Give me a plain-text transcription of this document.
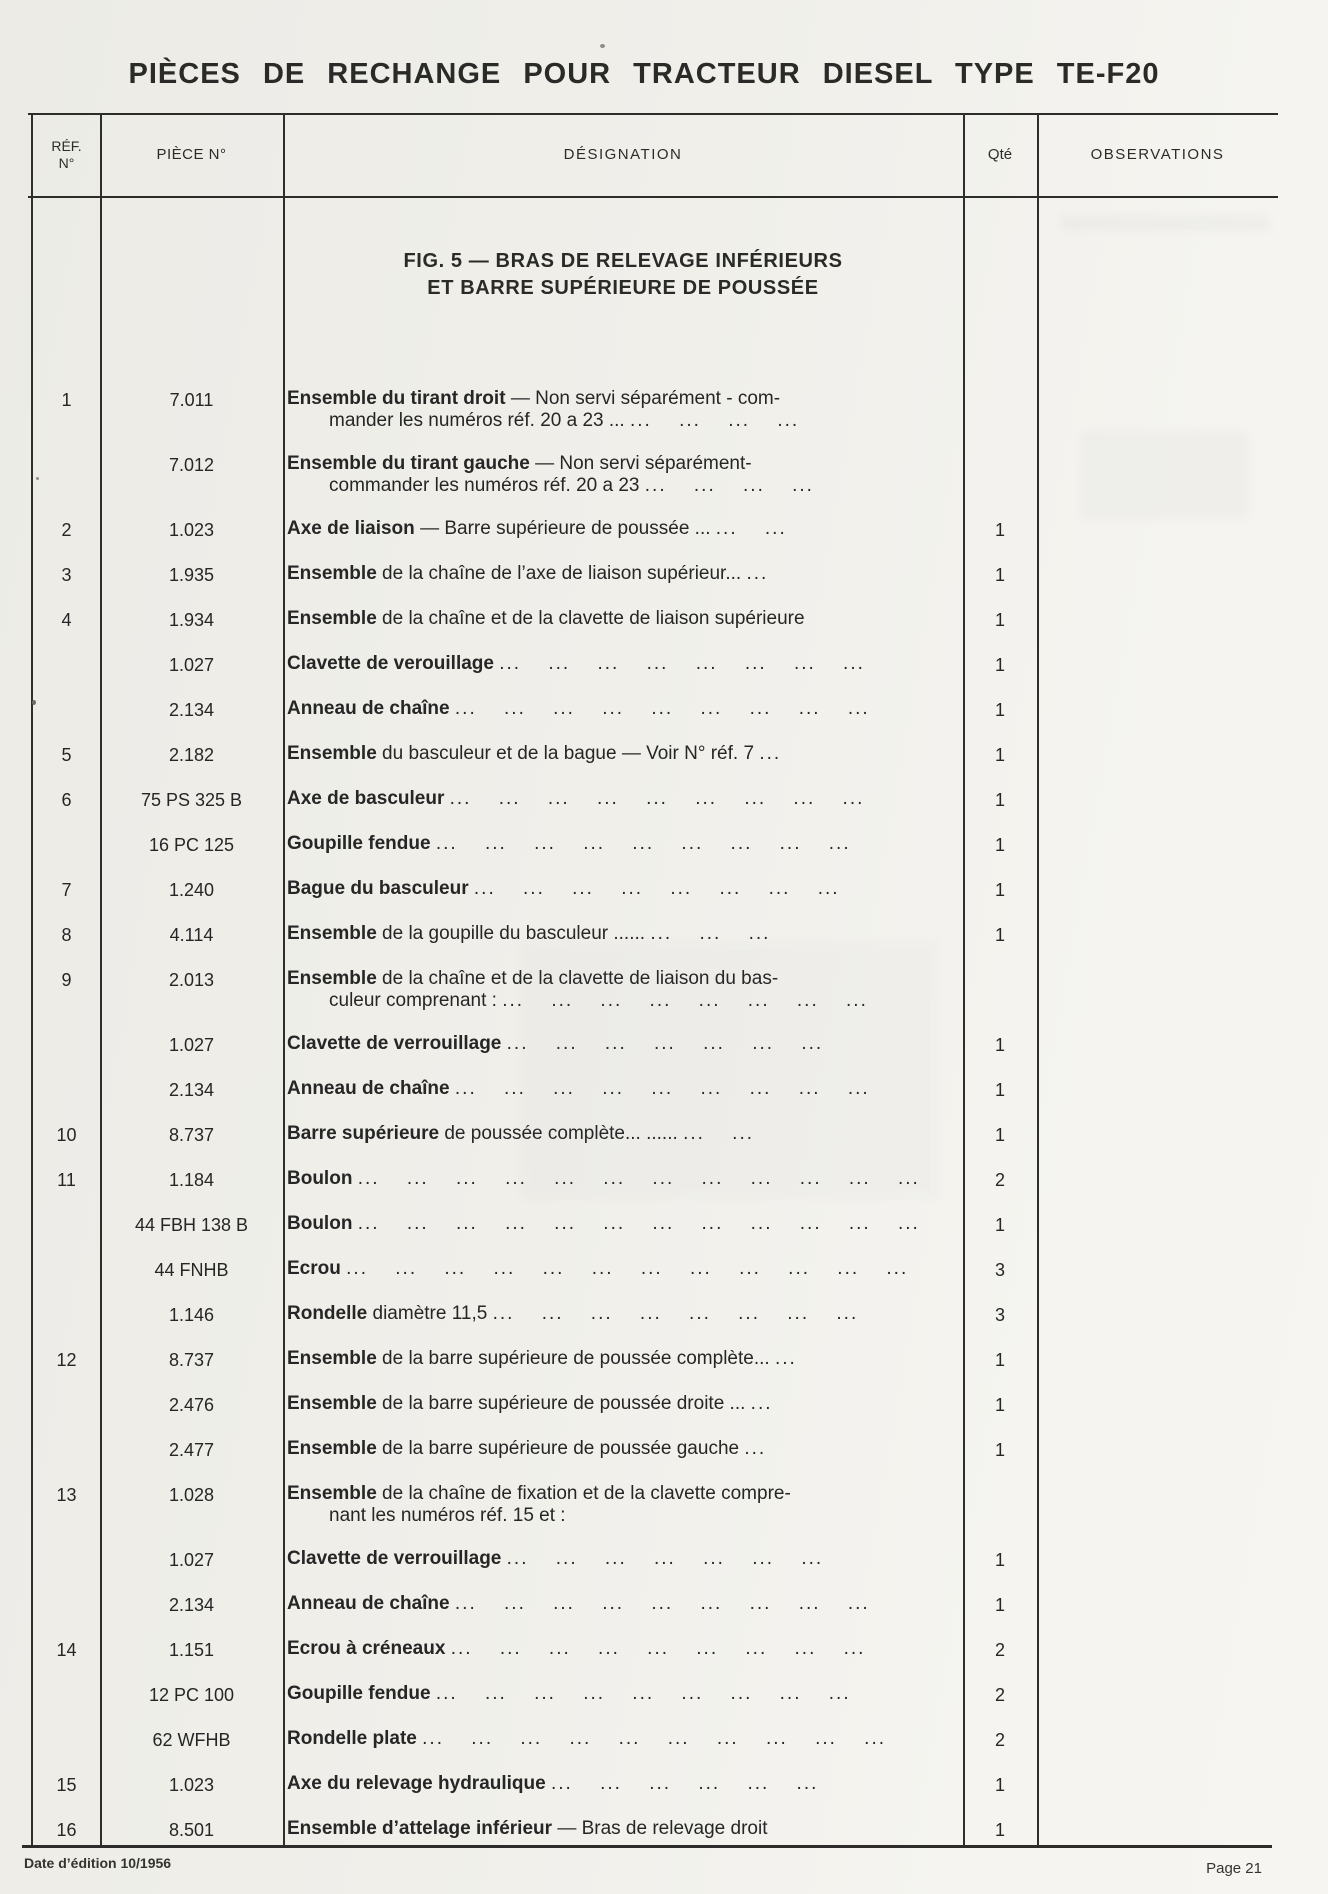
PIÈCES DE RECHANGE POUR TRACTEUR DIESEL TYPE TE-F20
RÉF.
N°	PIÈCE N°	DÉSIGNATION	Qté	OBSERVATIONS
FIG. 5 — BRAS DE RELEVAGE INFÉRIEURS
ET BARRE SUPÉRIEURE DE POUSSÉE
1	7.011	Ensemble du tirant droit — Non servi séparément - com-
mander les numéros réf. 20 a 23 ... ... ... ... ...
7.012	Ensemble du tirant gauche — Non servi séparément-
commander les numéros réf. 20 a 23 ... ... ... ...
2	1.023	Axe de liaison — Barre supérieure de poussée ... ... ...	1
3	1.935	Ensemble de la chaîne de l’axe de liaison supérieur... ...	1
4	1.934	Ensemble de la chaîne et de la clavette de liaison supérieure	1
1.027	Clavette de verouillage ... ... ... ... ... ... ... ...	1
2.134	Anneau de chaîne ... ... ... ... ... ... ... ... ...	1
5	2.182	Ensemble du basculeur et de la bague — Voir N° réf. 7 ...	1
6	75 PS 325 B	Axe de basculeur ... ... ... ... ... ... ... ... ...	1
16 PC 125	Goupille fendue ... ... ... ... ... ... ... ... ...	1
7	1.240	Bague du basculeur ... ... ... ... ... ... ... ...	1
8	4.114	Ensemble de la goupille du basculeur ...... ... ... ...	1
9	2.013	Ensemble de la chaîne et de la clavette de liaison du bas-
culeur comprenant : ... ... ... ... ... ... ... ...
1.027	Clavette de verrouillage ... ... ... ... ... ... ...	1
2.134	Anneau de chaîne ... ... ... ... ... ... ... ... ...	1
10	8.737	Barre supérieure de poussée complète... ...... ... ...	1
11	1.184	Boulon ... ... ... ... ... ... ... ... ... ... ... ...	2
44 FBH 138 B	Boulon ... ... ... ... ... ... ... ... ... ... ... ...	1
44 FNHB	Ecrou ... ... ... ... ... ... ... ... ... ... ... ...	3
1.146	Rondelle diamètre 11,5 ... ... ... ... ... ... ... ...	3
12	8.737	Ensemble de la barre supérieure de poussée complète... ...	1
2.476	Ensemble de la barre supérieure de poussée droite ... ...	1
2.477	Ensemble de la barre supérieure de poussée gauche ...	1
13	1.028	Ensemble de la chaîne de fixation et de la clavette compre-
nant les numéros réf. 15 et :
1.027	Clavette de verrouillage ... ... ... ... ... ... ...	1
2.134	Anneau de chaîne ... ... ... ... ... ... ... ... ...	1
14	1.151	Ecrou à créneaux ... ... ... ... ... ... ... ... ...	2
12 PC 100	Goupille fendue ... ... ... ... ... ... ... ... ...	2
62 WFHB	Rondelle plate ... ... ... ... ... ... ... ... ... ...	2
15	1.023	Axe du relevage hydraulique ... ... ... ... ... ...	1
16	8.501	Ensemble d’attelage inférieur — Bras de relevage droit	1
Date d’édition 10/1956	Page 21
